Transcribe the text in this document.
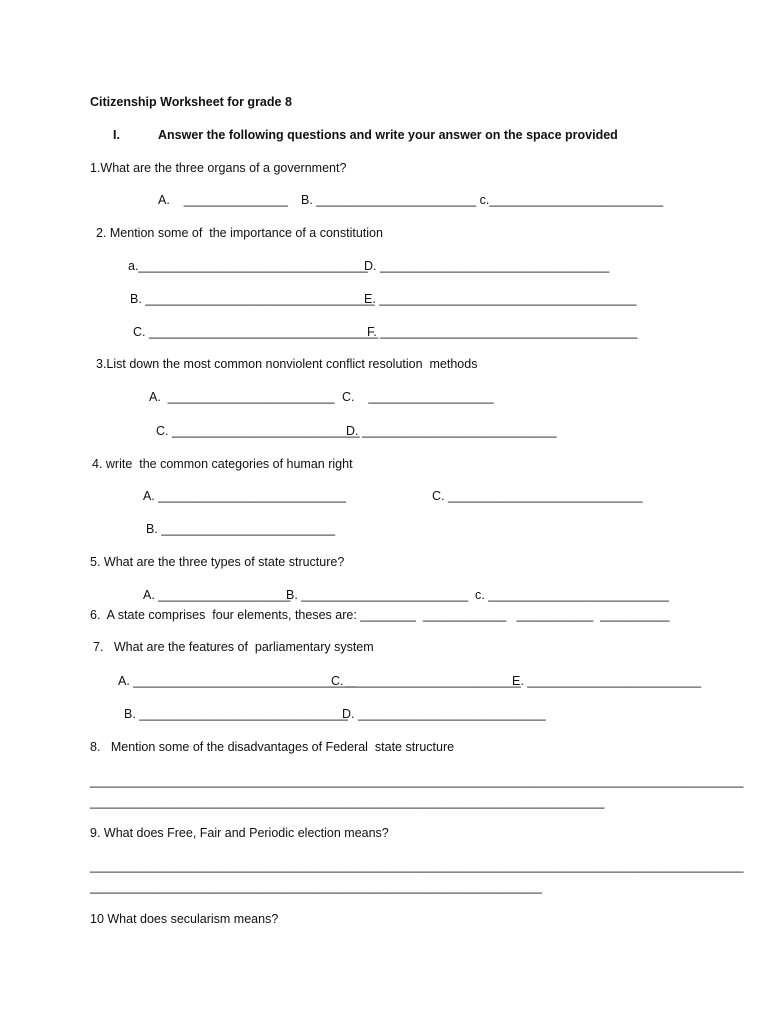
Citizenship Worksheet for grade 8
I.	Answer the following questions and write your answer on the space provided
1.What are the three organs of a government?
A.    _______________ B. _______________________ c._________________________
2. Mention some of  the importance of a constitution
a._________________________________
D. _________________________________
B. _________________________________
E. _____________________________________
C. _________________________________
F. _____________________________________
3.List down the most common nonviolent conflict resolution  methods
A.  ________________________ C.    __________________
C. ___________________________
D. ____________________________
4. write  the common categories of human right
A. ___________________________	C. ____________________________
B. _________________________
5. What are the three types of state structure?
A. ___________________
B. ________________________ c. __________________________
6.  A state comprises  four elements, theses are: ________  ____________   ___________  __________
7.   What are the features of  parliamentary system
A. ________________________________
C. _________________________
E. _________________________
B. ______________________________
D. ___________________________
8.   Mention some of the disadvantages of Federal  state structure
______________________________________________________________________________________________
__________________________________________________________________________
9. What does Free, Fair and Periodic election means?
______________________________________________________________________________________________
_________________________________________________________________
10 What does secularism means?
